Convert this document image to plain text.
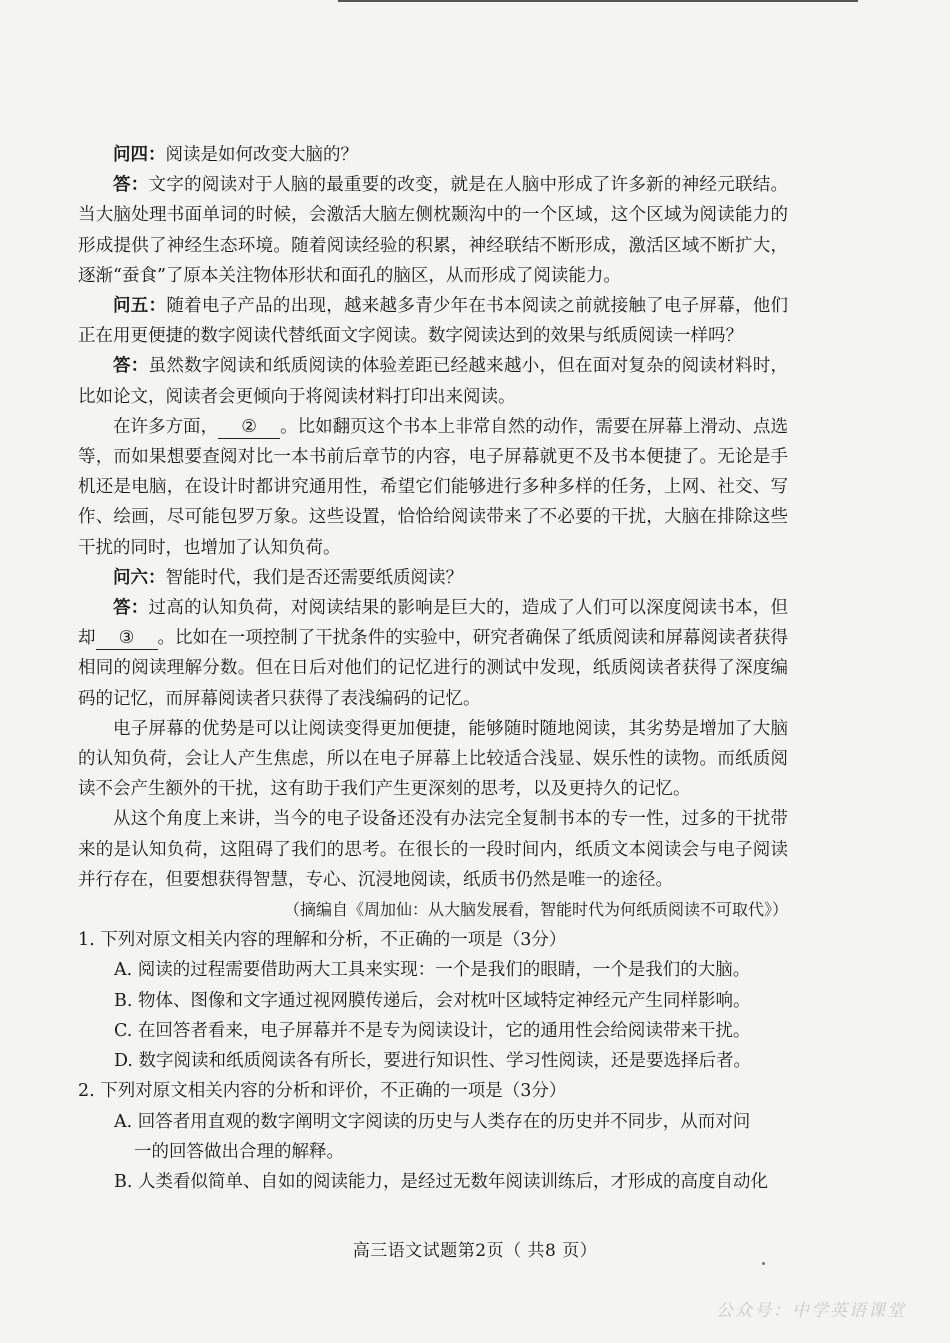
问四：阅读是如何改变大脑的？

答：文字的阅读对于人脑的最重要的改变，就是在人脑中形成了许多新的神经元联结。当大脑处理书面单词的时候，会激活大脑左侧枕颞沟中的一个区域，这个区域为阅读能力的形成提供了神经生态环境。随着阅读经验的积累，神经联结不断形成，激活区域不断扩大，逐渐“蚕食”了原本关注物体形状和面孔的脑区，从而形成了阅读能力。

问五：随着电子产品的出现，越来越多青少年在书本阅读之前就接触了电子屏幕，他们正在用更便捷的数字阅读代替纸面文字阅读。数字阅读达到的效果与纸质阅读一样吗？

答：虽然数字阅读和纸质阅读的体验差距已经越来越小，但在面对复杂的阅读材料时，比如论文，阅读者会更倾向于将阅读材料打印出来阅读。

在许多方面， ② 。比如翻页这个书本上非常自然的动作，需要在屏幕上滑动、点选等，而如果想要查阅对比一本书前后章节的内容，电子屏幕就更不及书本便捷了。无论是手机还是电脑，在设计时都讲究通用性，希望它们能够进行多种多样的任务，上网、社交、写作、绘画，尽可能包罗万象。这些设置，恰恰给阅读带来了不必要的干扰，大脑在排除这些干扰的同时，也增加了认知负荷。

问六：智能时代，我们是否还需要纸质阅读？

答：过高的认知负荷，对阅读结果的影响是巨大的，造成了人们可以深度阅读书本，但却 ③ 。比如在一项控制了干扰条件的实验中，研究者确保了纸质阅读和屏幕阅读者获得相同的阅读理解分数。但在日后对他们的记忆进行的测试中发现，纸质阅读者获得了深度编码的记忆，而屏幕阅读者只获得了表浅编码的记忆。

电子屏幕的优势是可以让阅读变得更加便捷，能够随时随地阅读，其劣势是增加了大脑的认知负荷，会让人产生焦虑，所以在电子屏幕上比较适合浅显、娱乐性的读物。而纸质阅读不会产生额外的干扰，这有助于我们产生更深刻的思考，以及更持久的记忆。

从这个角度上来讲，当今的电子设备还没有办法完全复制书本的专一性，过多的干扰带来的是认知负荷，这阻碍了我们的思考。在很长的一段时间内，纸质文本阅读会与电子阅读并行存在，但要想获得智慧，专心、沉浸地阅读，纸质书仍然是唯一的途径。

（摘编自《周加仙：从大脑发展看，智能时代为何纸质阅读不可取代》）

1. 下列对原文相关内容的理解和分析，不正确的一项是（3分）

A. 阅读的过程需要借助两大工具来实现：一个是我们的眼睛，一个是我们的大脑。

B. 物体、图像和文字通过视网膜传递后，会对枕叶区域特定神经元产生同样影响。

C. 在回答者看来，电子屏幕并不是专为阅读设计，它的通用性会给阅读带来干扰。

D. 数字阅读和纸质阅读各有所长，要进行知识性、学习性阅读，还是要选择后者。

2. 下列对原文相关内容的分析和评价，不正确的一项是（3分）

A. 回答者用直观的数字阐明文字阅读的历史与人类存在的历史并不同步，从而对问
一的回答做出合理的解释。

B. 人类看似简单、自如的阅读能力，是经过无数年阅读训练后，才形成的高度自动化

高三语文试题第2页（ 共8 页）
公众号：中学英语课堂
